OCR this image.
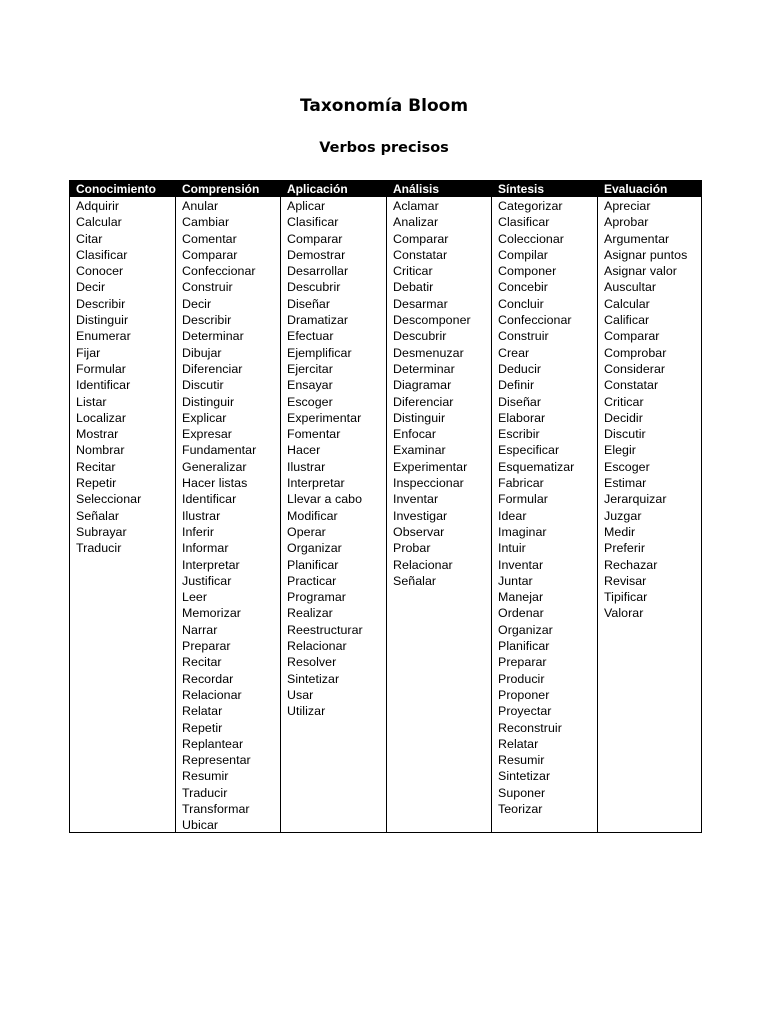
Taxonomía Bloom
Verbos precisos
Conocimiento
Adquirir
Calcular
Citar
Clasificar
Conocer
Decir
Describir
Distinguir
Enumerar
Fijar
Formular
Identificar
Listar
Localizar
Mostrar
Nombrar
Recitar
Repetir
Seleccionar
Señalar
Subrayar
Traducir
Comprensión
Anular
Cambiar
Comentar
Comparar
Confeccionar
Construir
Decir
Describir
Determinar
Dibujar
Diferenciar
Discutir
Distinguir
Explicar
Expresar
Fundamentar
Generalizar
Hacer listas
Identificar
Ilustrar
Inferir
Informar
Interpretar
Justificar
Leer
Memorizar
Narrar
Preparar
Recitar
Recordar
Relacionar
Relatar
Repetir
Replantear
Representar
Resumir
Traducir
Transformar
Ubicar
Aplicación
Aplicar
Clasificar
Comparar
Demostrar
Desarrollar
Descubrir
Diseñar
Dramatizar
Efectuar
Ejemplificar
Ejercitar
Ensayar
Escoger
Experimentar
Fomentar
Hacer
Ilustrar
Interpretar
Llevar a cabo
Modificar
Operar
Organizar
Planificar
Practicar
Programar
Realizar
Reestructurar
Relacionar
Resolver
Sintetizar
Usar
Utilizar
Análisis
Aclamar
Analizar
Comparar
Constatar
Criticar
Debatir
Desarmar
Descomponer
Descubrir
Desmenuzar
Determinar
Diagramar
Diferenciar
Distinguir
Enfocar
Examinar
Experimentar
Inspeccionar
Inventar
Investigar
Observar
Probar
Relacionar
Señalar
Síntesis
Categorizar
Clasificar
Coleccionar
Compilar
Componer
Concebir
Concluir
Confeccionar
Construir
Crear
Deducir
Definir
Diseñar
Elaborar
Escribir
Especificar
Esquematizar
Fabricar
Formular
Idear
Imaginar
Intuir
Inventar
Juntar
Manejar
Ordenar
Organizar
Planificar
Preparar
Producir
Proponer
Proyectar
Reconstruir
Relatar
Resumir
Sintetizar
Suponer
Teorizar
Evaluación
Apreciar
Aprobar
Argumentar
Asignar puntos
Asignar valor
Auscultar
Calcular
Calificar
Comparar
Comprobar
Considerar
Constatar
Criticar
Decidir
Discutir
Elegir
Escoger
Estimar
Jerarquizar
Juzgar
Medir
Preferir
Rechazar
Revisar
Tipificar
Valorar
